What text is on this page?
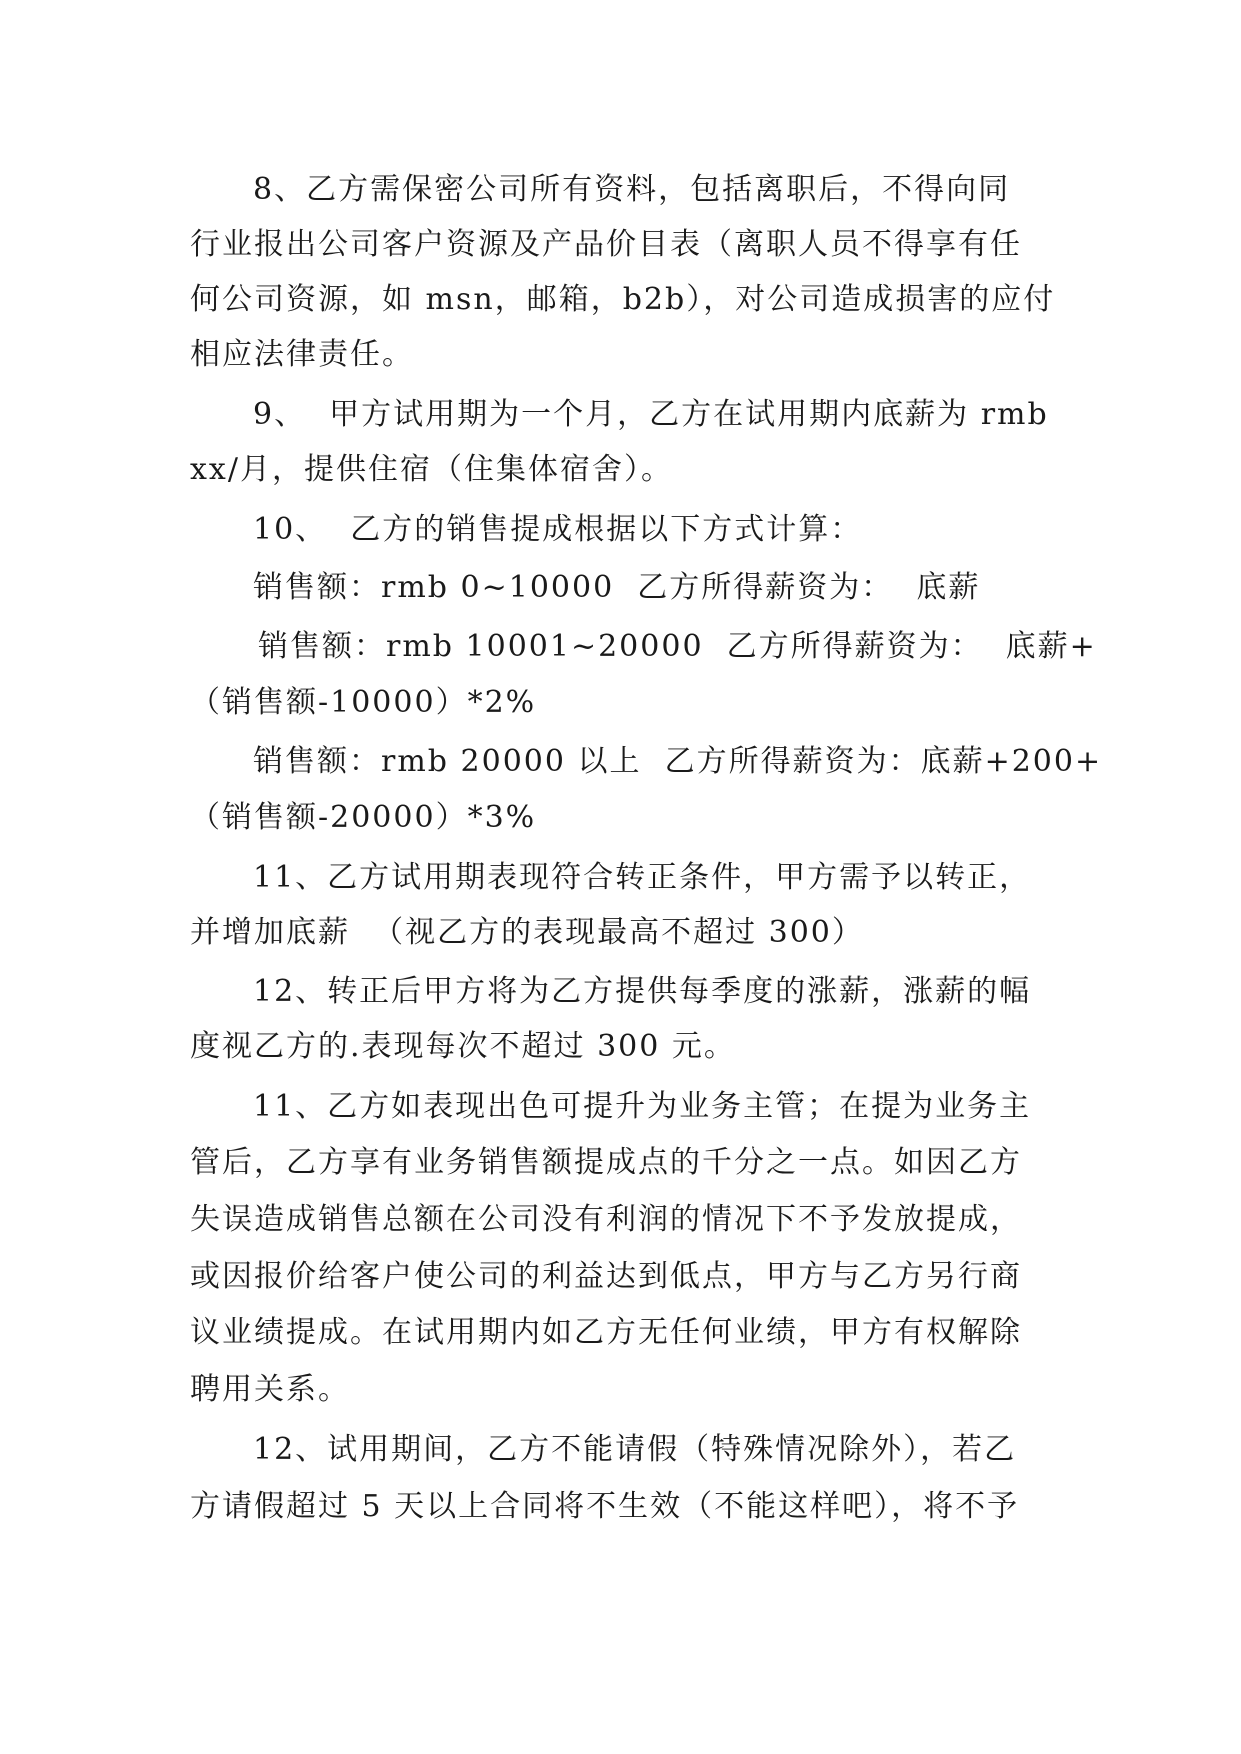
8、乙方需保密公司所有资料，包括离职后，不得向同
行业报出公司客户资源及产品价目表（离职人员不得享有任
何公司资源，如 msn，邮箱，b2b），对公司造成损害的应付
相应法律责任。
9、  甲方试用期为一个月，乙方在试用期内底薪为 rmb
xx/月，提供住宿（住集体宿舍）。
10、  乙方的销售提成根据以下方式计算：
销售额：rmb 0~10000  乙方所得薪资为：  底薪
销售额：rmb 10001~20000  乙方所得薪资为：  底薪+
（销售额-10000）*2%
销售额：rmb 20000 以上  乙方所得薪资为：底薪+200+
（销售额-20000）*3%
11、乙方试用期表现符合转正条件，甲方需予以转正，
并增加底薪  （视乙方的表现最高不超过 300）
12、转正后甲方将为乙方提供每季度的涨薪，涨薪的幅
度视乙方的.表现每次不超过 300 元。
11、乙方如表现出色可提升为业务主管；在提为业务主
管后，乙方享有业务销售额提成点的千分之一点。如因乙方
失误造成销售总额在公司没有利润的情况下不予发放提成，
或因报价给客户使公司的利益达到低点，甲方与乙方另行商
议业绩提成。在试用期内如乙方无任何业绩，甲方有权解除
聘用关系。
12、试用期间，乙方不能请假（特殊情况除外），若乙
方请假超过 5 天以上合同将不生效（不能这样吧），将不予
